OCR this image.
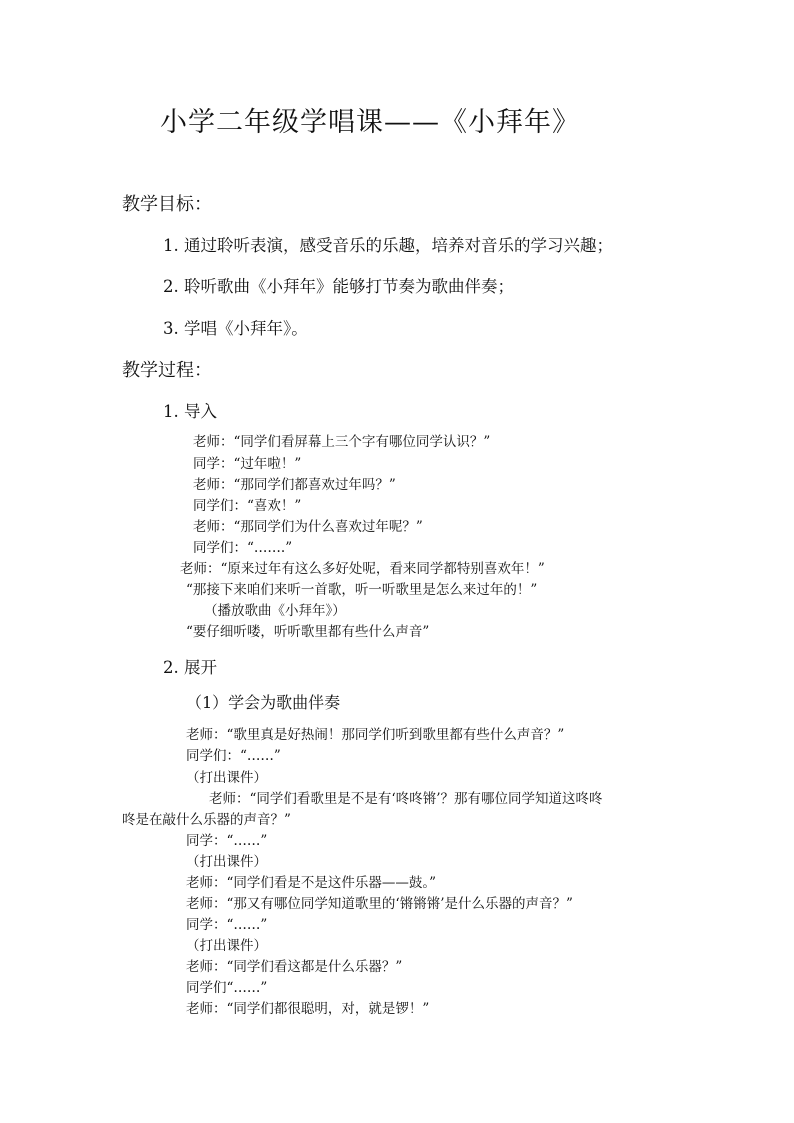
小学二年级学唱课——《小拜年》
教学目标：
1. 通过聆听表演，感受音乐的乐趣，培养对音乐的学习兴趣；
2. 聆听歌曲《小拜年》能够打节奏为歌曲伴奏；
3. 学唱《小拜年》。
教学过程：
1. 导入
老师：“同学们看屏幕上三个字有哪位同学认识？”
同学：“过年啦！”
老师：“那同学们都喜欢过年吗？”
同学们：“喜欢！”
老师：“那同学们为什么喜欢过年呢？”
同学们：“…….”
老师：“原来过年有这么多好处呢，看来同学都特别喜欢年！”
“那接下来咱们来听一首歌，听一听歌里是怎么来过年的！”
（播放歌曲《小拜年》）
“要仔细听喽，听听歌里都有些什么声音”
2. 展开
（1）学会为歌曲伴奏
老师：“歌里真是好热闹！那同学们听到歌里都有些什么声音？”
同学们：“……”
（打出课件）
老师：“同学们看歌里是不是有‘咚咚锵’？那有哪位同学知道这咚咚
咚是在敲什么乐器的声音？”
同学：“……”
（打出课件）
老师：“同学们看是不是这件乐器——鼓。”
老师：“那又有哪位同学知道歌里的‘锵锵锵’是什么乐器的声音？”
同学：“……”
（打出课件）
老师：“同学们看这都是什么乐器？”
同学们“……”
老师：“同学们都很聪明，对，就是锣！”
